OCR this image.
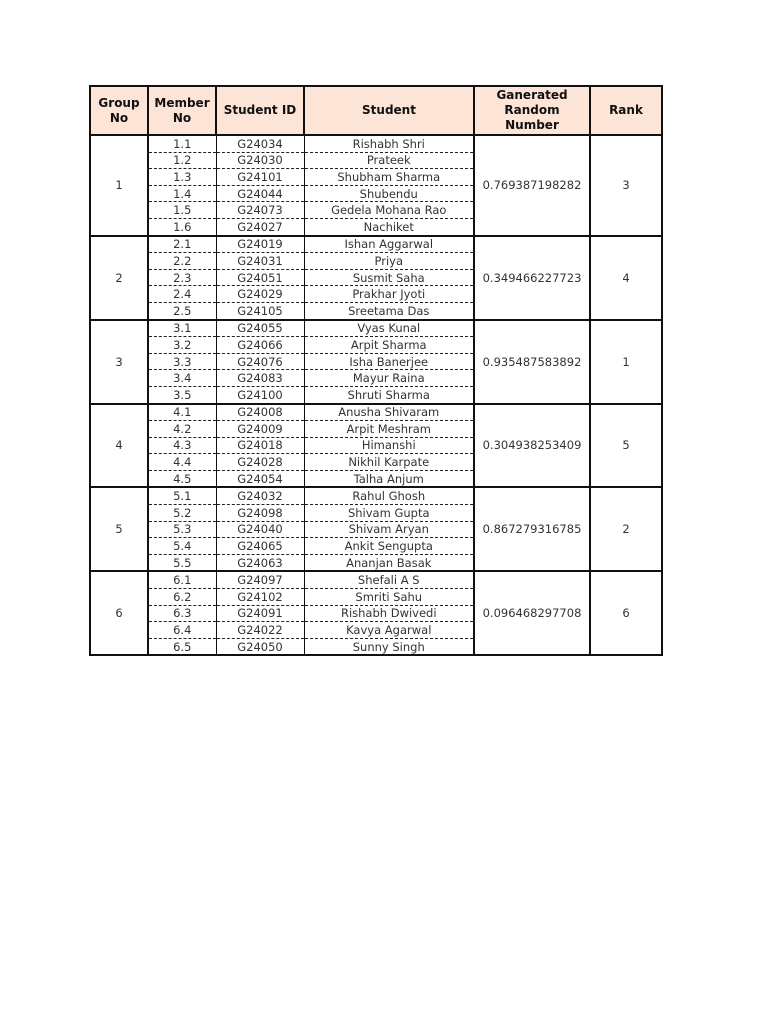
Group No	Member No	Student ID	Student	Ganerated Random Number	Rank
1	1.1	G24034	Rishabh Shri	0.769387198282	3
	1.2	G24030	Prateek		
	1.3	G24101	Shubham Sharma		
	1.4	G24044	Shubendu		
	1.5	G24073	Gedela Mohana Rao		
	1.6	G24027	Nachiket		
2	2.1	G24019	Ishan Aggarwal	0.349466227723	4
	2.2	G24031	Priya		
	2.3	G24051	Susmit Saha		
	2.4	G24029	Prakhar Jyoti		
	2.5	G24105	Sreetama Das		
3	3.1	G24055	Vyas Kunal	0.935487583892	1
	3.2	G24066	Arpit Sharma		
	3.3	G24076	Isha Banerjee		
	3.4	G24083	Mayur Raina		
	3.5	G24100	Shruti Sharma		
4	4.1	G24008	Anusha Shivaram	0.304938253409	5
	4.2	G24009	Arpit Meshram		
	4.3	G24018	Himanshi		
	4.4	G24028	Nikhil Karpate		
	4.5	G24054	Talha Anjum		
5	5.1	G24032	Rahul Ghosh	0.867279316785	2
	5.2	G24098	Shivam Gupta		
	5.3	G24040	Shivam Aryan		
	5.4	G24065	Ankit Sengupta		
	5.5	G24063	Ananjan Basak		
6	6.1	G24097	Shefali A S	0.096468297708	6
	6.2	G24102	Smriti Sahu		
	6.3	G24091	Rishabh Dwivedi		
	6.4	G24022	Kavya Agarwal		
	6.5	G24050	Sunny Singh		
